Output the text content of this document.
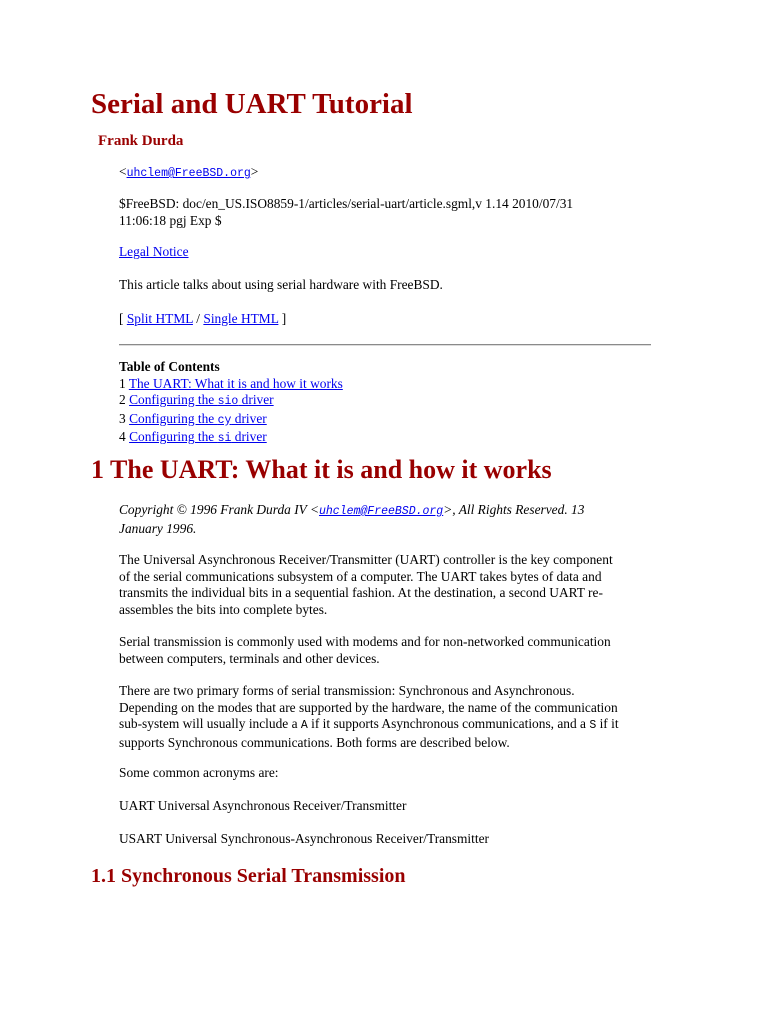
Serial and UART Tutorial
Frank Durda
<uhclem@FreeBSD.org>
$FreeBSD: doc/en_US.ISO8859-1/articles/serial-uart/article.sgml,v 1.14 2010/07/31
11:06:18 pgj Exp $
Legal Notice
This article talks about using serial hardware with FreeBSD.
[ Split HTML / Single HTML ]
Table of Contents
1 The UART: What it is and how it works
2 Configuring the sio driver
3 Configuring the cy driver
4 Configuring the si driver
1 The UART: What it is and how it works
Copyright © 1996 Frank Durda IV <uhclem@FreeBSD.org>, All Rights Reserved. 13
January 1996.
The Universal Asynchronous Receiver/Transmitter (UART) controller is the key component
of the serial communications subsystem of a computer. The UART takes bytes of data and
transmits the individual bits in a sequential fashion. At the destination, a second UART re-
assembles the bits into complete bytes.
Serial transmission is commonly used with modems and for non-networked communication
between computers, terminals and other devices.
There are two primary forms of serial transmission: Synchronous and Asynchronous.
Depending on the modes that are supported by the hardware, the name of the communication
sub-system will usually include a A if it supports Asynchronous communications, and a S if it
supports Synchronous communications. Both forms are described below.
Some common acronyms are:
UART Universal Asynchronous Receiver/Transmitter
USART Universal Synchronous-Asynchronous Receiver/Transmitter
1.1 Synchronous Serial Transmission
